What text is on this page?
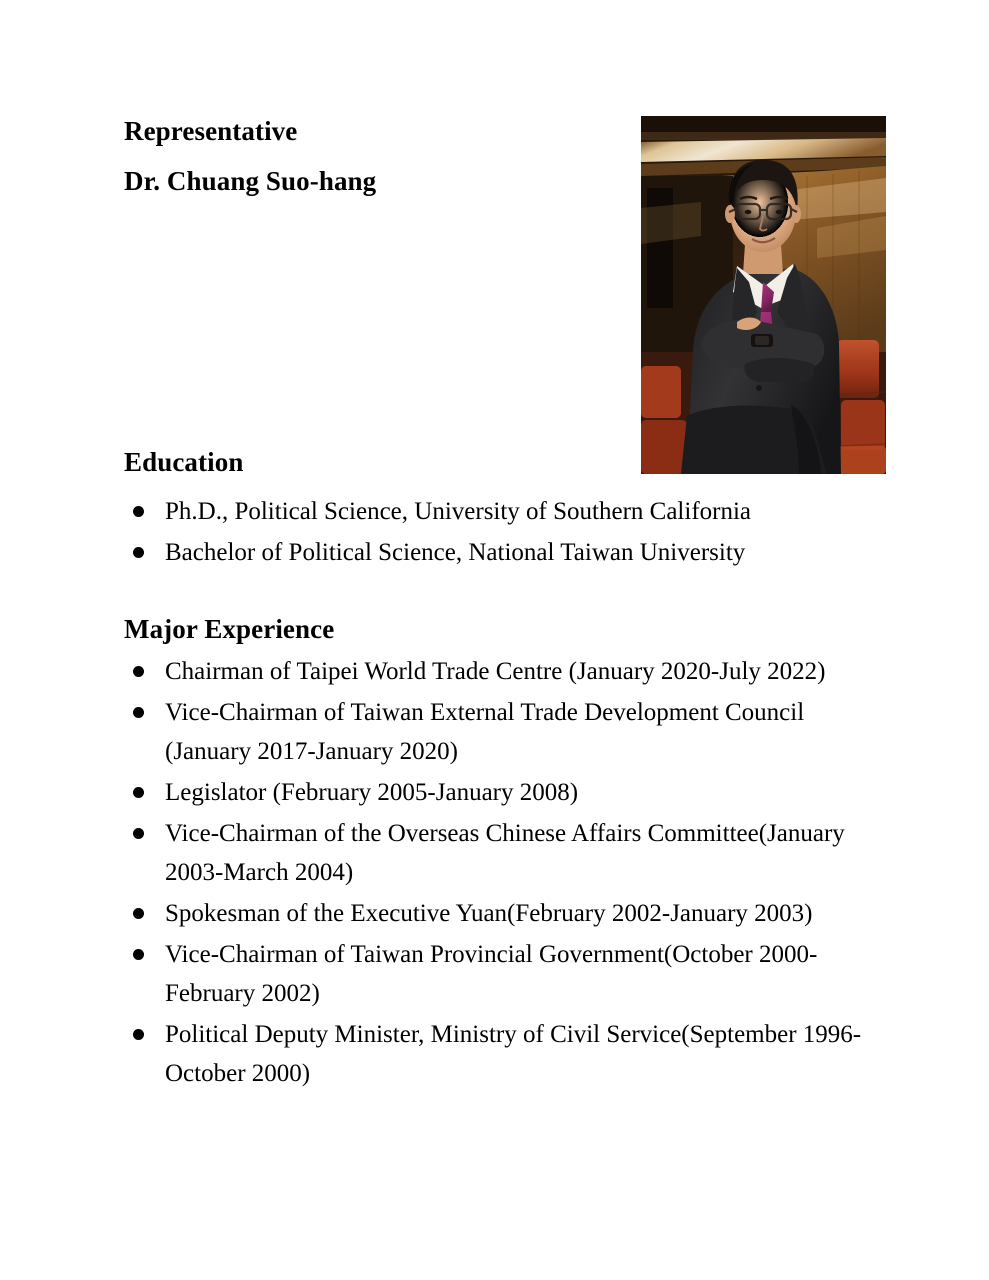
Representative
Dr. Chuang Suo-hang
Education
Ph.D., Political Science, University of Southern California
Bachelor of Political Science, National Taiwan University
Major Experience
Chairman of Taipei World Trade Centre (January 2020-July 2022)
Vice-Chairman of Taiwan External Trade Development Council (January 2017-January 2020)
Legislator (February 2005-January 2008)
Vice-Chairman of the Overseas Chinese Affairs Committee(January 2003-March 2004)
Spokesman of the Executive Yuan(February 2002-January 2003)
Vice-Chairman of Taiwan Provincial Government(October 2000-February 2002)
Political Deputy Minister, Ministry of Civil Service(September 1996-October 2000)
